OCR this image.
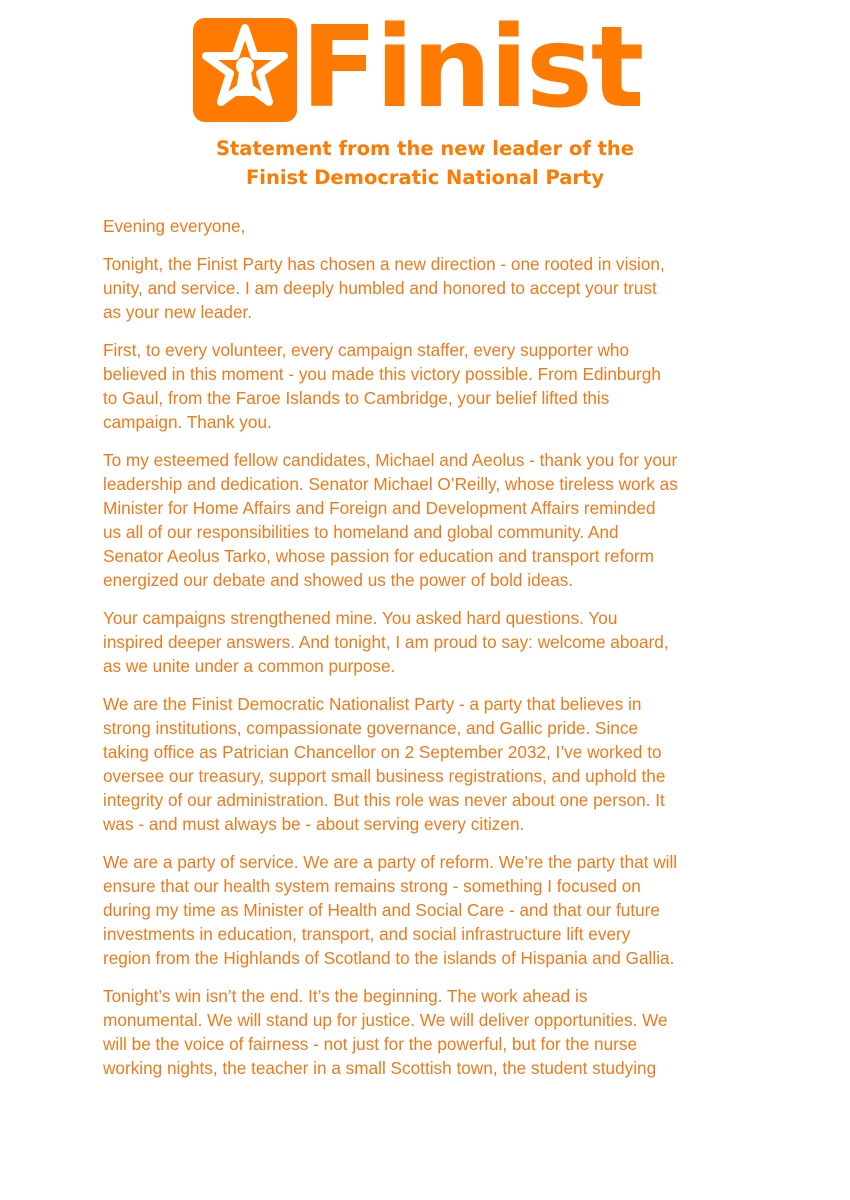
Finist
Statement from the new leader of the
Finist Democratic National Party
Evening everyone,
Tonight, the Finist Party has chosen a new direction - one rooted in vision,
unity, and service. I am deeply humbled and honored to accept your trust
as your new leader.
First, to every volunteer, every campaign staffer, every supporter who
believed in this moment - you made this victory possible. From Edinburgh
to Gaul, from the Faroe Islands to Cambridge, your belief lifted this
campaign. Thank you.
To my esteemed fellow candidates, Michael and Aeolus - thank you for your
leadership and dedication. Senator Michael O’Reilly, whose tireless work as
Minister for Home Affairs and Foreign and Development Affairs reminded
us all of our responsibilities to homeland and global community. And
Senator Aeolus Tarko, whose passion for education and transport reform
energized our debate and showed us the power of bold ideas.
Your campaigns strengthened mine. You asked hard questions. You
inspired deeper answers. And tonight, I am proud to say: welcome aboard,
as we unite under a common purpose.
We are the Finist Democratic Nationalist Party - a party that believes in
strong institutions, compassionate governance, and Gallic pride. Since
taking office as Patrician Chancellor on 2 September 2032, I’ve worked to
oversee our treasury, support small business registrations, and uphold the
integrity of our administration. But this role was never about one person. It
was - and must always be - about serving every citizen.
We are a party of service. We are a party of reform. We’re the party that will
ensure that our health system remains strong - something I focused on
during my time as Minister of Health and Social Care - and that our future
investments in education, transport, and social infrastructure lift every
region from the Highlands of Scotland to the islands of Hispania and Gallia.
Tonight’s win isn’t the end. It’s the beginning. The work ahead is
monumental. We will stand up for justice. We will deliver opportunities. We
will be the voice of fairness - not just for the powerful, but for the nurse
working nights, the teacher in a small Scottish town, the student studying
